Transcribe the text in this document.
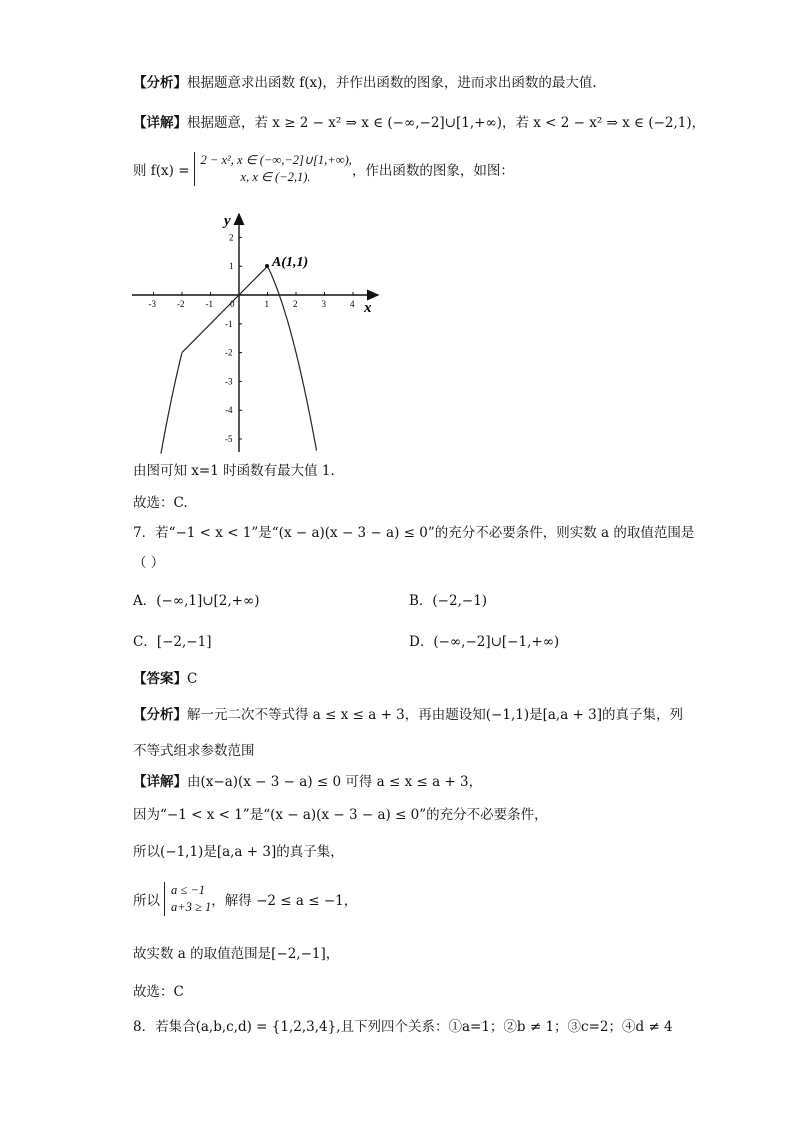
【分析】根据题意求出函数 f(x)，并作出函数的图象，进而求出函数的最大值.
【详解】根据题意，若 x ≥ 2 − x² ⇒ x ∈ (−∞,−2]∪[1,+∞)，若 x < 2 − x² ⇒ x ∈ (−2,1)，
则 f(x) =
2 − x², x ∈ (−∞,−2]∪[1,+∞),
x, x ∈ (−2,1).	，作出函数的图象，如图：
-3 -2 -1 0	1	2	3	4
2
1
-1
-2
-3
-4
-5
y
x
A(1,1)
由图可知 x=1 时函数有最大值 1.
故选：C.
7．若“−1 < x < 1”是“(x − a)(x − 3 − a) ≤ 0”的充分不必要条件，则实数 a 的取值范围是
（ ）
A．(−∞,1]∪[2,+∞)	B．(−2,−1)
C．[−2,−1]	D．(−∞,−2]∪[−1,+∞)
【答案】C
【分析】解一元二次不等式得 a ≤ x ≤ a + 3，再由题设知(−1,1)是[a,a + 3]的真子集，列
不等式组求参数范围
【详解】由(x−a)(x − 3 − a) ≤ 0 可得 a ≤ x ≤ a + 3，
因为“−1 < x < 1”是“(x − a)(x − 3 − a) ≤ 0”的充分不必要条件，
所以(−1,1)是[a,a + 3]的真子集，
所以
a ≤ −1
a+3 ≥ 1 ，解得 −2 ≤ a ≤ −1，
故实数 a 的取值范围是[−2,−1]，
故选：C
8．若集合(a,b,c,d) = {1,2,3,4},且下列四个关系：①a=1；②b ≠ 1；③c=2；④d ≠ 4
